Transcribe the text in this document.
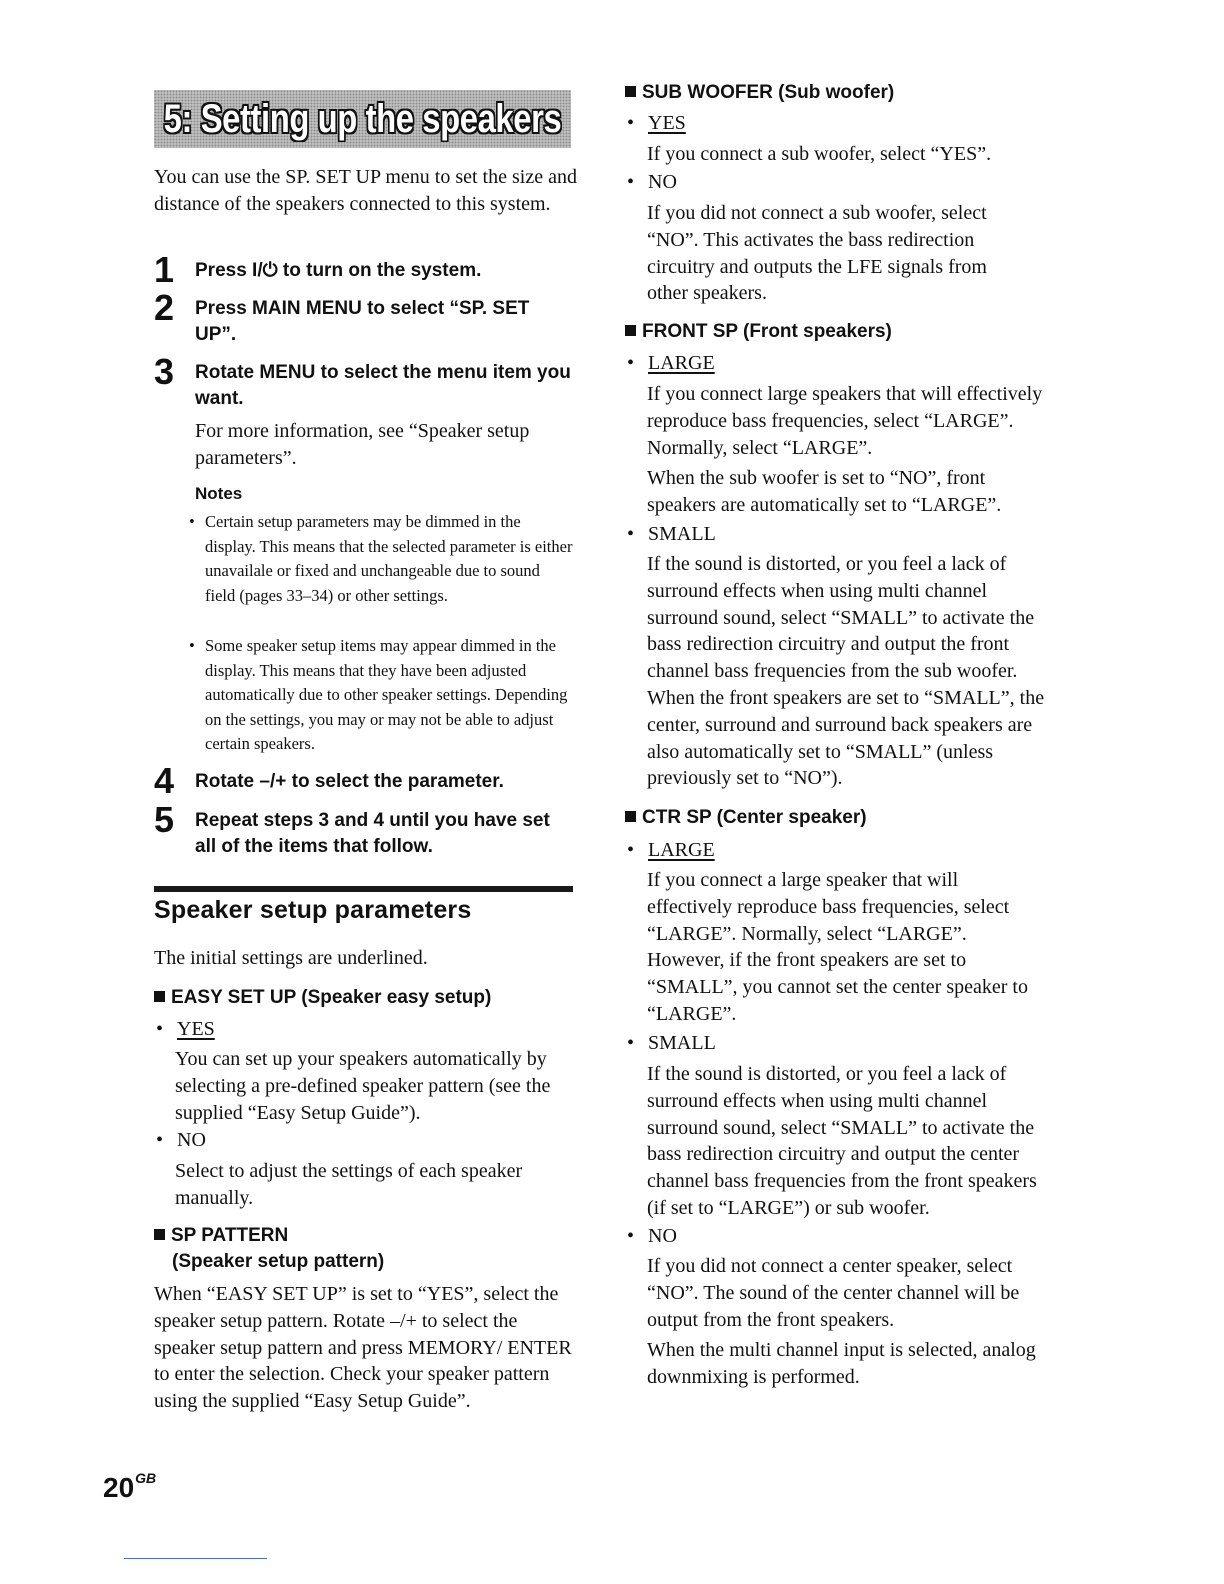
5: Setting up the speakers

You can use the SP. SET UP menu to set the size and distance of the speakers connected to this system.

1 Press I/⏻ to turn on the system.
2 Press MAIN MENU to select “SP. SET UP”.
3 Rotate MENU to select the menu item you want.

For more information, see “Speaker setup parameters”.

Notes
• Certain setup parameters may be dimmed in the display. This means that the selected parameter is either unavailale or fixed and unchangeable due to sound field (pages 33–34) or other settings.
• Some speaker setup items may appear dimmed in the display. This means that they have been adjusted automatically due to other speaker settings. Depending on the settings, you may or may not be able to adjust certain speakers.
4 Rotate –/+ to select the parameter.
5 Repeat steps 3 and 4 until you have set all of the items that follow.
Speaker setup parameters

The initial settings are underlined.

EASY SET UP (Speaker easy setup)
• YES

You can set up your speakers automatically by selecting a pre-defined speaker pattern (see the supplied “Easy Setup Guide”).

• NO

Select to adjust the settings of each speaker manually.

SP PATTERN
(Speaker setup pattern)

When “EASY SET UP” is set to “YES”, select the speaker setup pattern. Rotate –/+ to select the speaker setup pattern and press MEMORY/ ENTER to enter the selection. Check your speaker pattern using the supplied “Easy Setup Guide”.

$20^{GB}$
SUB WOOFER (Sub woofer)
• YES

If you connect a sub woofer, select “YES”.

• NO

If you did not connect a sub woofer, select “NO”. This activates the bass redirection circuitry and outputs the LFE signals from other speakers.

FRONT SP (Front speakers)
• LARGE

If you connect large speakers that will effectively reproduce bass frequencies, select “LARGE”. Normally, select “LARGE”.

When the sub woofer is set to “NO”, front speakers are automatically set to “LARGE”.

• SMALL

If the sound is distorted, or you feel a lack of surround effects when using multi channel surround sound, select “SMALL” to activate the bass redirection circuitry and output the front channel bass frequencies from the sub woofer. When the front speakers are set to “SMALL”, the center, surround and surround back speakers are also automatically set to “SMALL” (unless previously set to “NO”).

CTR SP (Center speaker)
• LARGE

If you connect a large speaker that will effectively reproduce bass frequencies, select “LARGE”. Normally, select “LARGE”. However, if the front speakers are set to “SMALL”, you cannot set the center speaker to “LARGE”.

• SMALL

If the sound is distorted, or you feel a lack of surround effects when using multi channel surround sound, select “SMALL” to activate the bass redirection circuitry and output the center channel bass frequencies from the front speakers (if set to “LARGE”) or sub woofer.

• NO

If you did not connect a center speaker, select “NO”. The sound of the center channel will be output from the front speakers.

When the multi channel input is selected, analog downmixing is performed.
